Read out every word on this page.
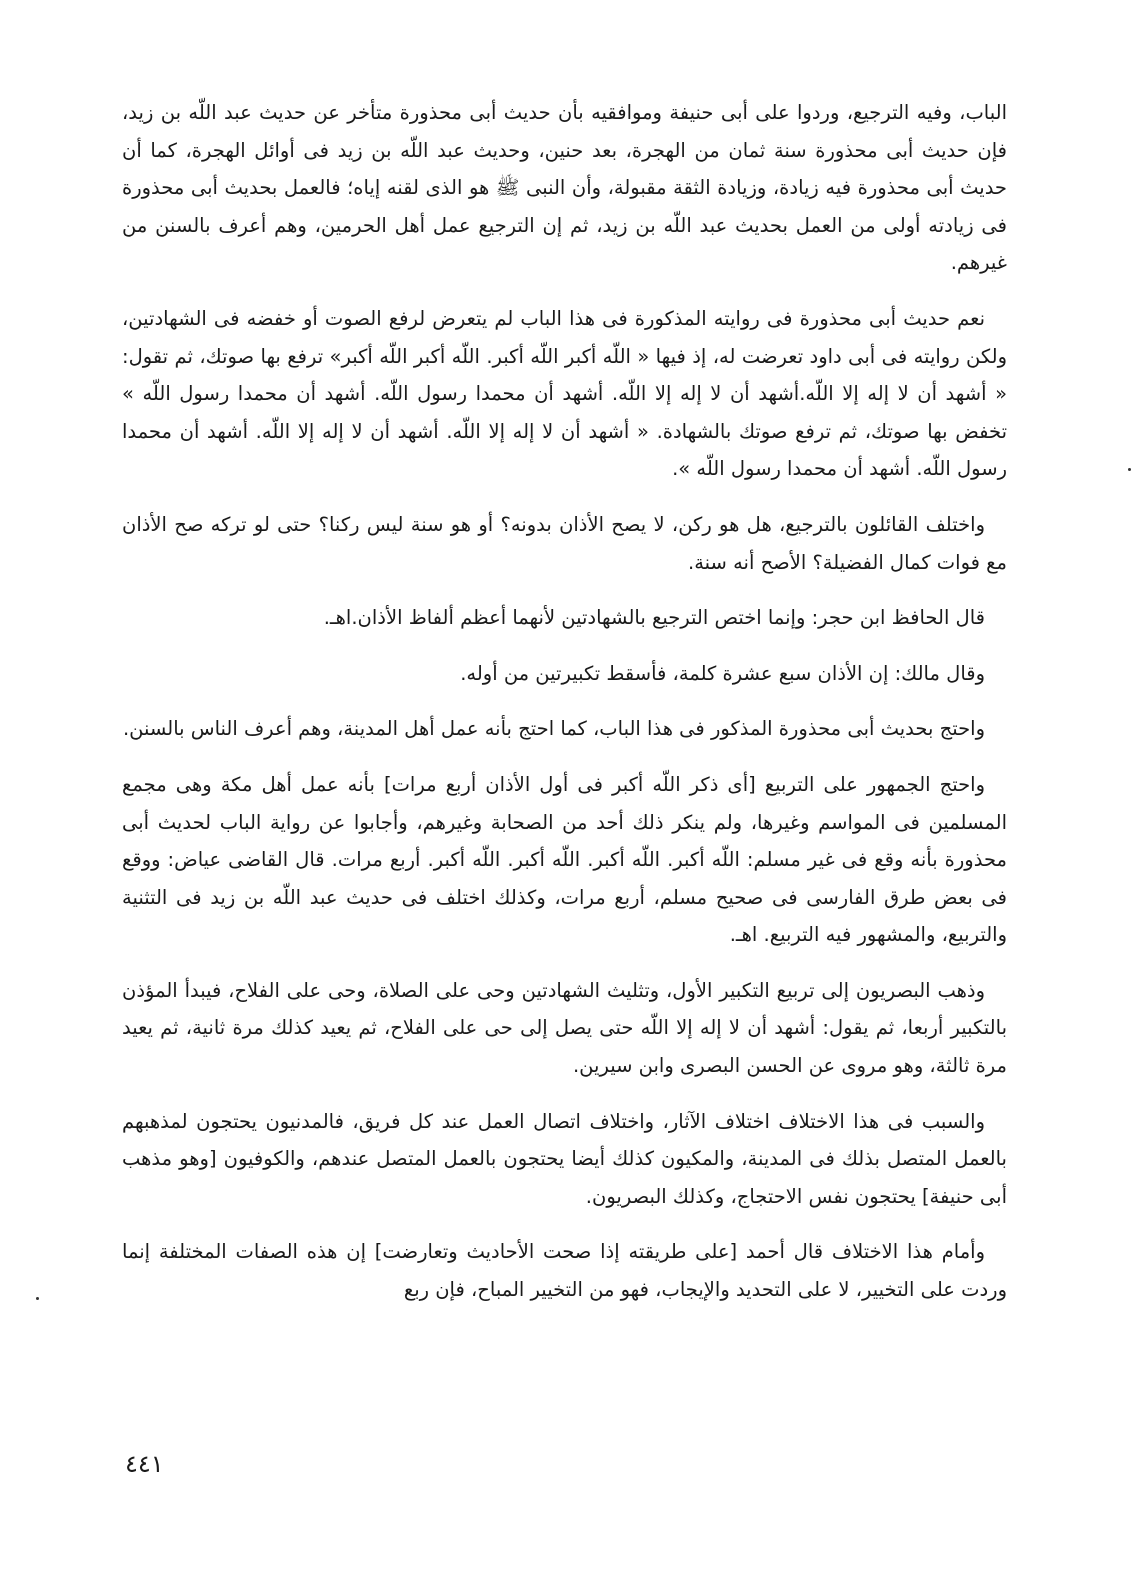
الباب، وفيه الترجيع، وردوا على أبى حنيفة وموافقيه بأن حديث أبى محذورة متأخر عن حديث عبد اللّه بن زيد، فإن حديث أبى محذورة سنة ثمان من الهجرة، بعد حنين، وحديث عبد اللّه بن زيد فى أوائل الهجرة، كما أن حديث أبى محذورة فيه زيادة، وزيادة الثقة مقبولة، وأن النبى ﷺ هو الذى لقنه إياه؛ فالعمل بحديث أبى محذورة فى زيادته أولى من العمل بحديث عبد اللّه بن زيد، ثم إن الترجيع عمل أهل الحرمين، وهم أعرف بالسنن من غيرهم.

نعم حديث أبى محذورة فى روايته المذكورة فى هذا الباب لم يتعرض لرفع الصوت أو خفضه فى الشهادتين، ولكن روايته فى أبى داود تعرضت له، إذ فيها « اللّه أكبر اللّه أكبر. اللّه أكبر اللّه أكبر» ترفع بها صوتك، ثم تقول: « أشهد أن لا إله إلا اللّه.أشهد أن لا إله إلا اللّه. أشهد أن محمدا رسول اللّه. أشهد أن محمدا رسول اللّه » تخفض بها صوتك، ثم ترفع صوتك بالشهادة. « أشهد أن لا إله إلا اللّه. أشهد أن لا إله إلا اللّه. أشهد أن محمدا رسول اللّه. أشهد أن محمدا رسول اللّه ».

واختلف القائلون بالترجيع، هل هو ركن، لا يصح الأذان بدونه؟ أو هو سنة ليس ركنا؟ حتى لو تركه صح الأذان مع فوات كمال الفضيلة؟ الأصح أنه سنة.

قال الحافظ ابن حجر: وإنما اختص الترجيع بالشهادتين لأنهما أعظم ألفاظ الأذان.اهـ.

وقال مالك: إن الأذان سبع عشرة كلمة، فأسقط تكبيرتين من أوله.

واحتج بحديث أبى محذورة المذكور فى هذا الباب، كما احتج بأنه عمل أهل المدينة، وهم أعرف الناس بالسنن.

واحتج الجمهور على التربيع [أى ذكر اللّه أكبر فى أول الأذان أربع مرات] بأنه عمل أهل مكة وهى مجمع المسلمين فى المواسم وغيرها، ولم ينكر ذلك أحد من الصحابة وغيرهم، وأجابوا عن رواية الباب لحديث أبى محذورة بأنه وقع فى غير مسلم: اللّه أكبر. اللّه أكبر. اللّه أكبر. اللّه أكبر. أربع مرات. قال القاضى عياض: ووقع فى بعض طرق الفارسى فى صحيح مسلم، أربع مرات، وكذلك اختلف فى حديث عبد اللّه بن زيد فى التثنية والتربيع، والمشهور فيه التربيع. اهـ.

وذهب البصريون إلى تربيع التكبير الأول، وتثليث الشهادتين وحى على الصلاة، وحى على الفلاح، فيبدأ المؤذن بالتكبير أربعا، ثم يقول: أشهد أن لا إله إلا اللّه حتى يصل إلى حى على الفلاح، ثم يعيد كذلك مرة ثانية، ثم يعيد مرة ثالثة، وهو مروى عن الحسن البصرى وابن سيرين.

والسبب فى هذا الاختلاف اختلاف الآثار، واختلاف اتصال العمل عند كل فريق، فالمدنيون يحتجون لمذهبهم بالعمل المتصل بذلك فى المدينة، والمكيون كذلك أيضا يحتجون بالعمل المتصل عندهم، والكوفيون [وهو مذهب أبى حنيفة] يحتجون نفس الاحتجاج، وكذلك البصريون.

وأمام هذا الاختلاف قال أحمد [على طريقته إذا صحت الأحاديث وتعارضت] إن هذه الصفات المختلفة إنما وردت على التخيير، لا على التحديد والإيجاب، فهو من التخيير المباح، فإن ربع

٤٤١
